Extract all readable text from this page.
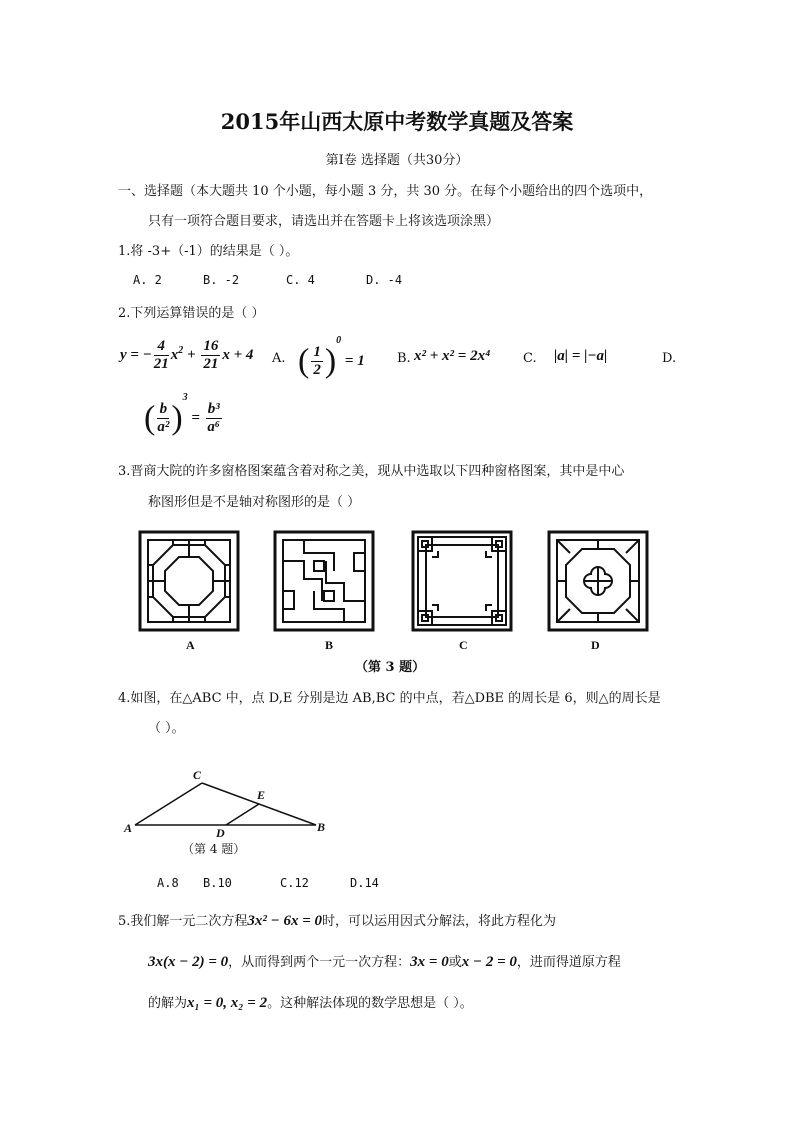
2015年山西太原中考数学真题及答案
第Ⅰ卷 选择题（共30分）
一、选择题（本大题共 10 个小题，每小题 3 分，共 30 分。在每个小题给出的四个选项中，
只有一项符合题目要求，请选出并在答题卡上将该选项涂黑）
1.将 -3+（-1）的结果是（ ）。
A. 2	B. -2	C. 4	D. -4
2.下列运算错误的是（ ）
y = − $\frac{4}{21} x^2 + \frac{16}{21}$ x + 4 A. ( $\frac{1}{2} )^0 = 1$ B. x² + x² = 2x⁴	C. |a| = |−a|	D.
( $\frac{b}{\text{a²}} )^3 = \frac{\text{b³}}{\text{a⁶}}$
3.晋商大院的许多窗格图案蕴含着对称之美，现从中选取以下四种窗格图案，其中是中心
称图形但是不是轴对称图形的是（ ）
A	B	C	D
（第 3 题）
4.如图，在△ABC 中，点 D,E 分别是边 AB,BC 的中点，若△DBE 的周长是 6，则△的周长是
（ ）。
C
E
A	D	B
（第 4 题）
A.8 B.10	C.12	D.14
5.我们解一元二次方程3x² − 6x = 0时，可以运用因式分解法，将此方程化为
3x(x − 2) = 0，从而得到两个一元一次方程：3x = 0或x − 2 = 0，进而得道原方程
的解为x₁ = 0, x₂ = 2。这种解法体现的数学思想是（ ）。
